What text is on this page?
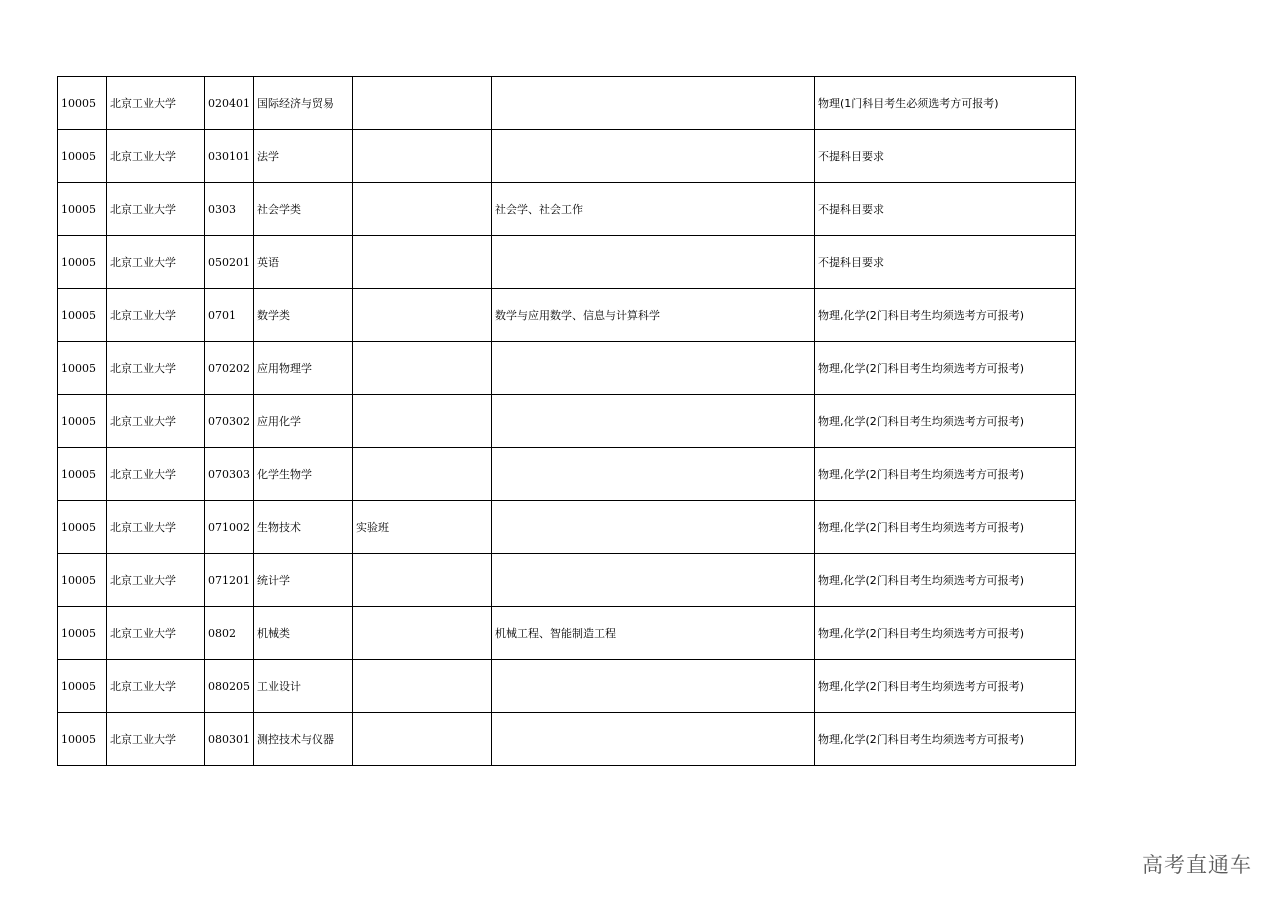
10005	北京工业大学	020401	国际经济与贸易			物理(1门科目考生必须选考方可报考)
10005	北京工业大学	030101	法学			不提科目要求
10005	北京工业大学	0303	社会学类		社会学、社会工作	不提科目要求
10005	北京工业大学	050201	英语			不提科目要求
10005	北京工业大学	0701	数学类		数学与应用数学、信息与计算科学	物理,化学(2门科目考生均须选考方可报考)
10005	北京工业大学	070202	应用物理学			物理,化学(2门科目考生均须选考方可报考)
10005	北京工业大学	070302	应用化学			物理,化学(2门科目考生均须选考方可报考)
10005	北京工业大学	070303	化学生物学			物理,化学(2门科目考生均须选考方可报考)
10005	北京工业大学	071002	生物技术	实验班		物理,化学(2门科目考生均须选考方可报考)
10005	北京工业大学	071201	统计学			物理,化学(2门科目考生均须选考方可报考)
10005	北京工业大学	0802	机械类		机械工程、智能制造工程	物理,化学(2门科目考生均须选考方可报考)
10005	北京工业大学	080205	工业设计			物理,化学(2门科目考生均须选考方可报考)
10005	北京工业大学	080301	测控技术与仪器			物理,化学(2门科目考生均须选考方可报考)
高考直通车
